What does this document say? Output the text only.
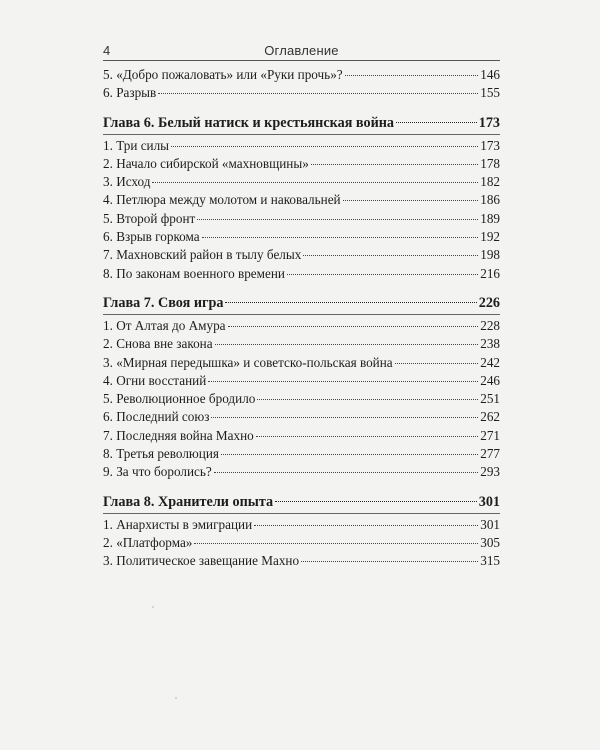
4	Оглавление
5. «Добро пожаловать» или «Руки прочь»?	146
6. Разрыв	155
Глава 6. Белый натиск и крестьянская война	173
1. Три силы	173
2. Начало сибирской «махновщины»	178
3. Исход	182
4. Петлюра между молотом и наковальней	186
5. Второй фронт	189
6. Взрыв горкома	192
7. Махновский район в тылу белых	198
8. По законам военного времени	216
Глава 7. Своя игра	226
1. От Алтая до Амура	228
2. Снова вне закона	238
3. «Мирная передышка» и советско-польская война	242
4. Огни восстаний	246
5. Революционное бродило	251
6. Последний союз	262
7. Последняя война Махно	271
8. Третья революция	277
9. За что боролись?	293
Глава 8. Хранители опыта	301
1. Анархисты в эмиграции	301
2. «Платформа»	305
3. Политическое завещание Махно	315
